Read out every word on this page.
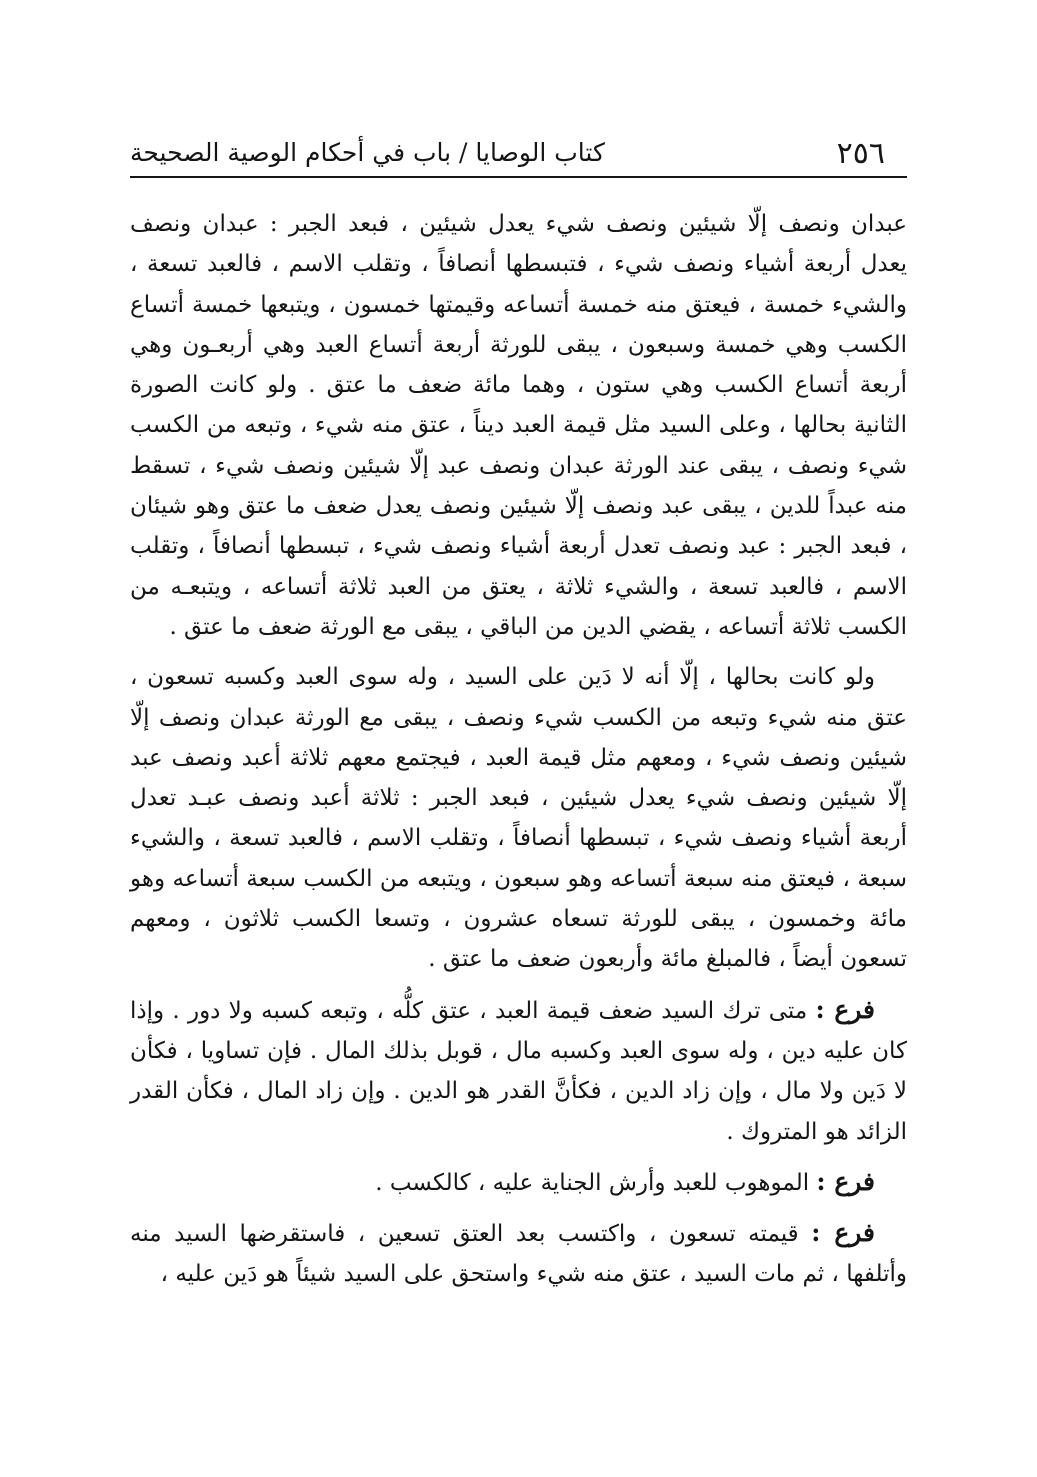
٢٥٦
كتاب الوصايا / باب في أحكام الوصية الصحيحة

عبدان ونصف إلّا شيئين ونصف شيء يعدل شيئين ، فبعد الجبر : عبدان ونصف يعدل أربعة أشياء ونصف شيء ، فتبسطها أنصافاً ، وتقلب الاسم ، فالعبد تسعة ، والشيء خمسة ، فيعتق منه خمسة أتساعه وقيمتها خمسون ، ويتبعها خمسة أتساع الكسب وهي خمسة وسبعون ، يبقى للورثة أربعة أتساع العبد وهي أربعـون وهي أربعة أتساع الكسب وهي ستون ، وهما مائة ضعف ما عتق . ولو كانت الصورة الثانية بحالها ، وعلى السيد مثل قيمة العبد ديناً ، عتق منه شيء ، وتبعه من الكسب شيء ونصف ، يبقى عند الورثة عبدان ونصف عبد إلّا شيئين ونصف شيء ، تسقط منه عبداً للدين ، يبقى عبد ونصف إلّا شيئين ونصف يعدل ضعف ما عتق وهو شيئان ، فبعد الجبر : عبد ونصف تعدل أربعة أشياء ونصف شيء ، تبسطها أنصافاً ، وتقلب الاسم ، فالعبد تسعة ، والشيء ثلاثة ، يعتق من العبد ثلاثة أتساعه ، ويتبعـه من الكسب ثلاثة أتساعه ، يقضي الدين من الباقي ، يبقى مع الورثة ضعف ما عتق .

ولو كانت بحالها ، إلّا أنه لا دَين على السيد ، وله سوى العبد وكسبه تسعون ، عتق منه شيء وتبعه من الكسب شيء ونصف ، يبقى مع الورثة عبدان ونصف إلّا شيئين ونصف شيء ، ومعهم مثل قيمة العبد ، فيجتمع معهم ثلاثة أعبد ونصف عبد إلّا شيئين ونصف شيء يعدل شيئين ، فبعد الجبر : ثلاثة أعبد ونصف عبـد تعدل أربعة أشياء ونصف شيء ، تبسطها أنصافاً ، وتقلب الاسم ، فالعبد تسعة ، والشيء سبعة ، فيعتق منه سبعة أتساعه وهو سبعون ، ويتبعه من الكسب سبعة أتساعه وهو مائة وخمسون ، يبقى للورثة تسعاه عشرون ، وتسعا الكسب ثلاثون ، ومعهم تسعون أيضاً ، فالمبلغ مائة وأربعون ضعف ما عتق .

فرع : متى ترك السيد ضعف قيمة العبد ، عتق كلُّه ، وتبعه كسبه ولا دور . وإذا كان عليه دين ، وله سوى العبد وكسبه مال ، قوبل بذلك المال . فإن تساويا ، فكأن لا دَين ولا مال ، وإن زاد الدين ، فكأنَّ القدر هو الدين . وإن زاد المال ، فكأن القدر الزائد هو المتروك .

فرع : الموهوب للعبد وأرش الجناية عليه ، كالكسب .

فرع : قيمته تسعون ، واكتسب بعد العتق تسعين ، فاستقرضها السيد منه وأتلفها ، ثم مات السيد ، عتق منه شيء واستحق على السيد شيئاً هو دَين عليه ،
